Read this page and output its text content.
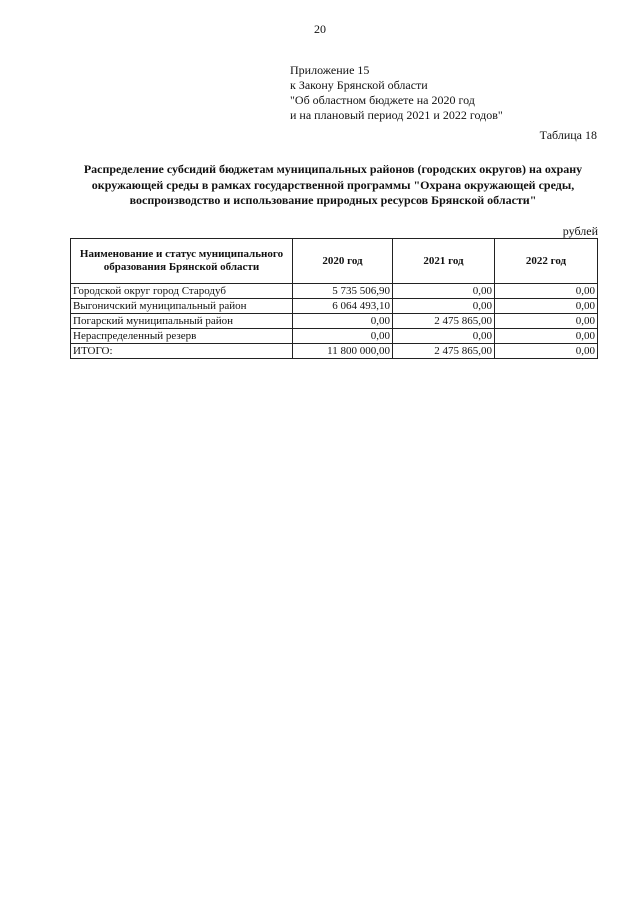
20
Приложение 15
к Закону Брянской области
"Об областном бюджете на 2020 год
и на плановый период 2021 и 2022 годов"
Таблица 18
Распределение субсидий бюджетам муниципальных районов (городских округов) на охрану окружающей среды в рамках государственной программы "Охрана окружающей среды, воспроизводство и использование природных ресурсов Брянской области"
рублей
Наименование и статус муниципального образования Брянской области	2020 год	2021 год	2022 год
Городской округ город Стародуб	5 735 506,90	0,00	0,00
Выгоничский муниципальный район	6 064 493,10	0,00	0,00
Погарский муниципальный район	0,00	2 475 865,00	0,00
Нераспределенный резерв	0,00	0,00	0,00
ИТОГО:	11 800 000,00	2 475 865,00	0,00
